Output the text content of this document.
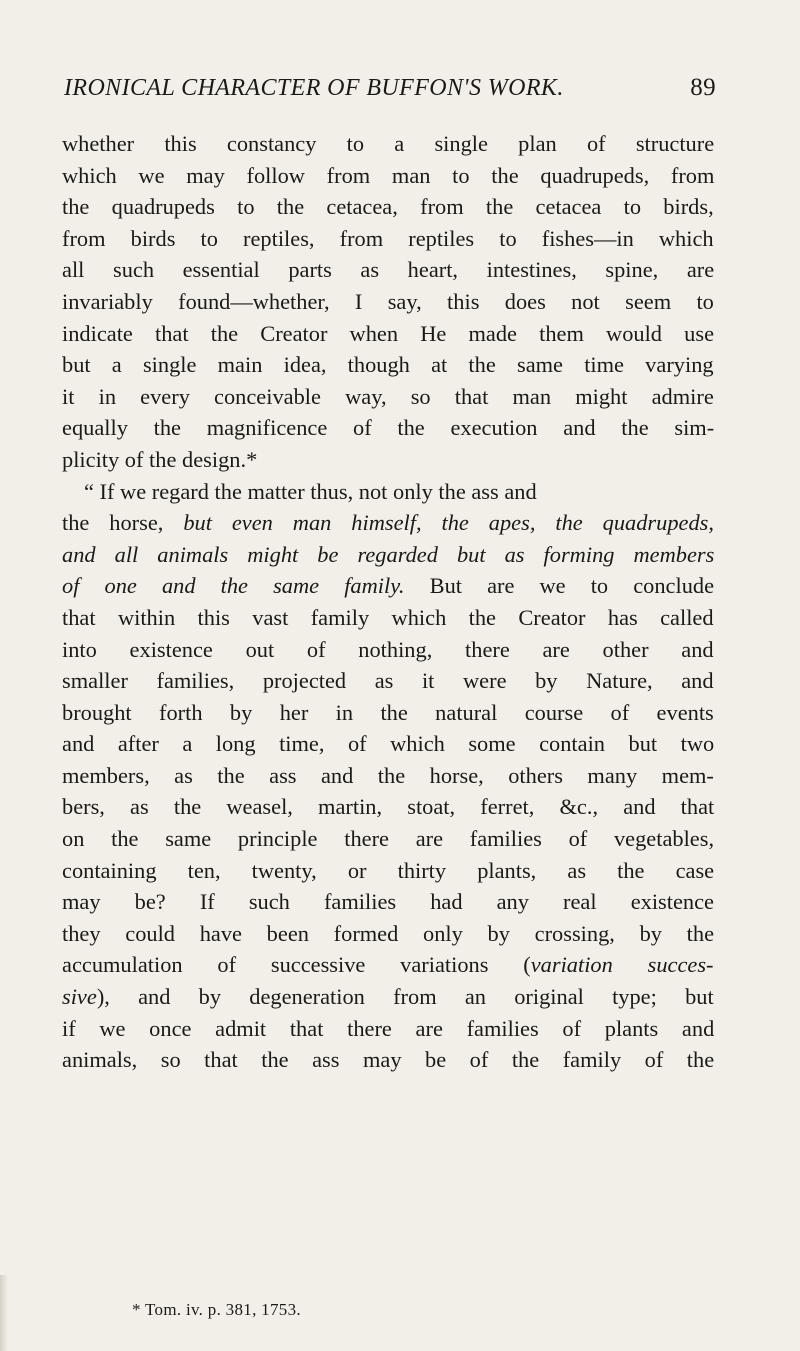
IRONICAL CHARACTER OF BUFFON'S WORK.	89
whether this constancy to a single plan of structure
which we may follow from man to the quadrupeds, from
the quadrupeds to the cetacea, from the cetacea to birds,
from birds to reptiles, from reptiles to fishes—in which
all such essential parts as heart, intestines, spine, are
invariably found—whether, I say, this does not seem to
indicate that the Creator when He made them would use
but a single main idea, though at the same time varying
it in every conceivable way, so that man might admire
equally the magnificence of the execution and the sim-
plicity of the design.*
“ If we regard the matter thus, not only the ass and
the horse, but even man himself, the apes, the quadrupeds,
and all animals might be regarded but as forming members
of one and the same family. But are we to conclude
that within this vast family which the Creator has called
into existence out of nothing, there are other and
smaller families, projected as it were by Nature, and
brought forth by her in the natural course of events
and after a long time, of which some contain but two
members, as the ass and the horse, others many mem-
bers, as the weasel, martin, stoat, ferret, &c., and that
on the same principle there are families of vegetables,
containing ten, twenty, or thirty plants, as the case
may be? If such families had any real existence
they could have been formed only by crossing, by the
accumulation of successive variations (variation succes-
sive), and by degeneration from an original type; but
if we once admit that there are families of plants and
animals, so that the ass may be of the family of the
* Tom. iv. p. 381, 1753.
